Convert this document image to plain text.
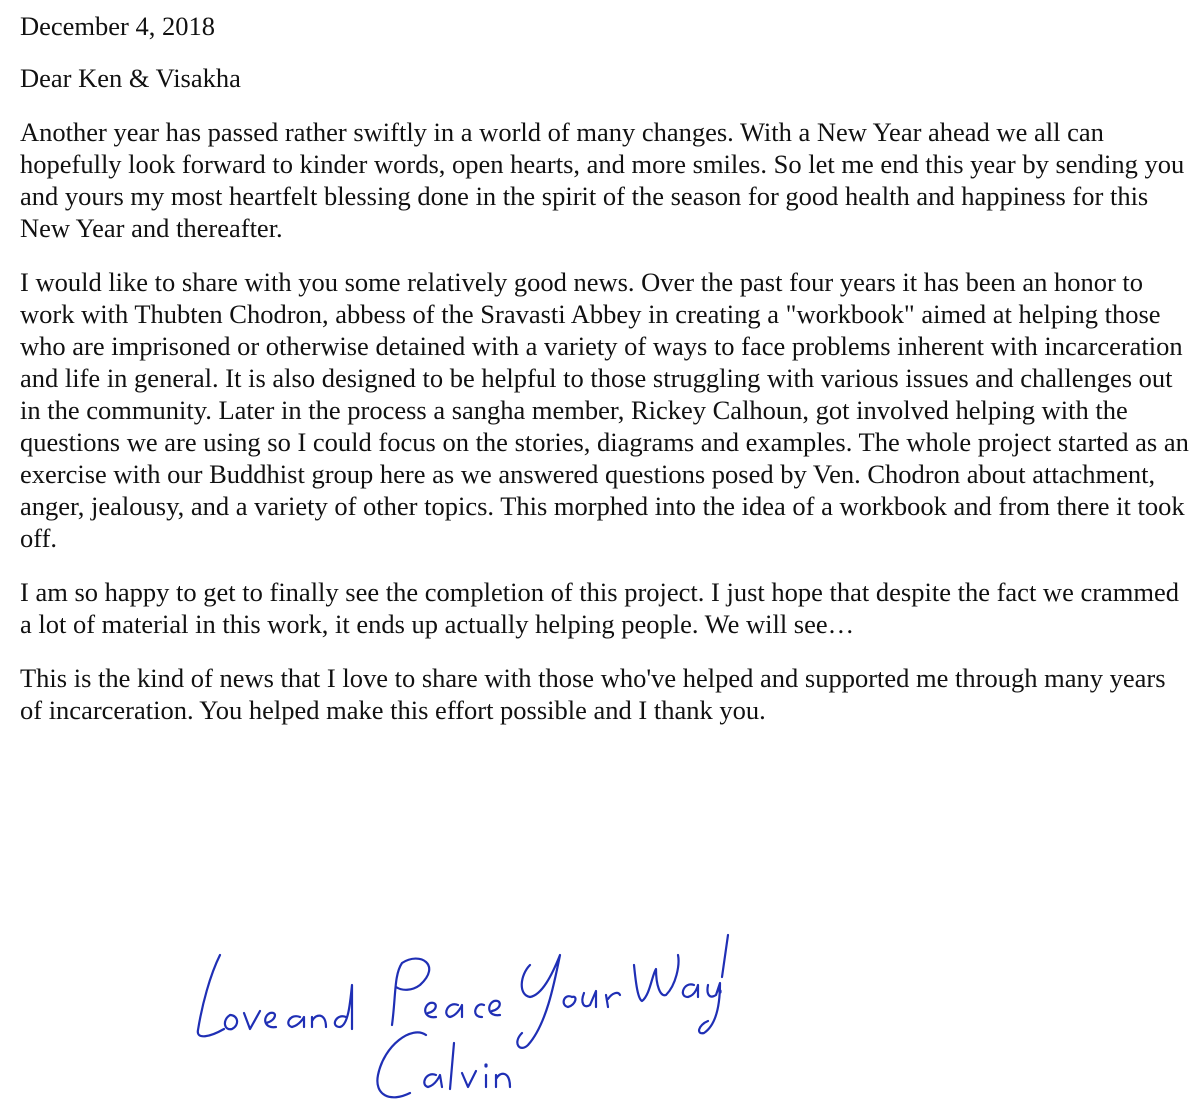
December 4, 2018

Dear Ken & Visakha

Another year has passed rather swiftly in a world of many changes. With a New Year ahead we all can hopefully look forward to kinder words, open hearts, and more smiles. So let me end this year by sending you and yours my most heartfelt blessing done in the spirit of the season for good health and happiness for this New Year and thereafter.

I would like to share with you some relatively good news. Over the past four years it has been an honor to work with Thubten Chodron, abbess of the Sravasti Abbey in creating a "workbook" aimed at helping those who are imprisoned or otherwise detained with a variety of ways to face problems inherent with incarceration and life in general. It is also designed to be helpful to those struggling with various issues and challenges out in the community. Later in the process a sangha member, Rickey Calhoun, got involved helping with the questions we are using so I could focus on the stories, diagrams and examples. The whole project started as an exercise with our Buddhist group here as we answered questions posed by Ven. Chodron about attachment, anger, jealousy, and a variety of other topics. This morphed into the idea of a workbook and from there it took off.

I am so happy to get to finally see the completion of this project. I just hope that despite the fact we crammed a lot of material in this work, it ends up actually helping people. We will see…

This is the kind of news that I love to share with those who've helped and supported me through many years of incarceration. You helped make this effort possible and I thank you.
